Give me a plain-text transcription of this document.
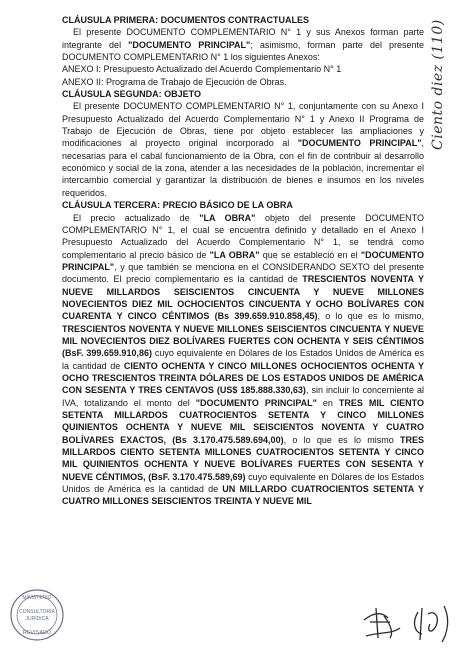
CLÁUSULA PRIMERA: DOCUMENTOS CONTRACTUALES

El presente DOCUMENTO COMPLEMENTARIO N° 1 y sus Anexos forman parte integrante del "DOCUMENTO PRINCIPAL"; asimismo, forman parte del presente DOCUMENTO COMPLEMENTARIO N° 1 los siguientes Anexos:

ANEXO I: Presupuesto Actualizado del Acuerdo Complementario N° 1

ANEXO II: Programa de Trabajo de Ejecución de Obras.

CLÁUSULA SEGUNDA: OBJETO

El presente DOCUMENTO COMPLEMENTARIO N° 1, conjuntamente con su Anexo I Presupuesto Actualizado del Acuerdo Complementario N° 1 y Anexo II Programa de Trabajo de Ejecución de Obras, tiene por objeto establecer las ampliaciones y modificaciones al proyecto original incorporado al "DOCUMENTO PRINCIPAL", necesarias para el cabal funcionamiento de la Obra, con el fin de contribuir al desarrollo económico y social de la zona, atender a las necesidades de la población, incrementar el intercambio comercial y garantizar la distribución de bienes e insumos en los niveles requeridos.

CLÁUSULA TERCERA: PRECIO BÁSICO DE LA OBRA

El precio actualizado de "LA OBRA" objeto del presente DOCUMENTO COMPLEMENTARIO N° 1, el cual se encuentra definido y detallado en el Anexo I Presupuesto Actualizado del Acuerdo Complementario N° 1, se tendrá como complementario al precio básico de "LA OBRA" que se estableció en el "DOCUMENTO PRINCIPAL", y que también se menciona en el CONSIDERANDO SEXTO del presente documento. El precio complementario es la cantidad de TRESCIENTOS NOVENTA Y NUEVE MILLARDOS SEISCIENTOS CINCUENTA Y NUEVE MILLONES NOVECIENTOS DIEZ MIL OCHOCIENTOS CINCUENTA Y OCHO BOLÍVARES CON CUARENTA Y CINCO CÉNTIMOS (Bs 399.659.910.858,45), o lo que es lo mismo, TRESCIENTOS NOVENTA Y NUEVE MILLONES SEISCIENTOS CINCUENTA Y NUEVE MIL NOVECIENTOS DIEZ BOLÍVARES FUERTES CON OCHENTA Y SEIS CÉNTIMOS (BsF. 399.659.910,86) cuyo equivalente en Dólares de los Estados Unidos de América es la cantidad de CIENTO OCHENTA Y CINCO MILLONES OCHOCIENTOS OCHENTA Y OCHO TRESCIENTOS TREINTA DÓLARES DE LOS ESTADOS UNIDOS DE AMÉRICA CON SESENTA Y TRES CENTAVOS (US$ 185.888.330,63), sin incluir lo concerniente al IVA, totalizando el monto del "DOCUMENTO PRINCIPAL" en TRES MIL CIENTO SETENTA MILLARDOS CUATROCIENTOS SETENTA Y CINCO MILLONES QUINIENTOS OCHENTA Y NUEVE MIL SEISCIENTOS NOVENTA Y CUATRO BOLÍVARES EXACTOS, (Bs 3.170.475.589.694,00), o lo que es lo mismo TRES MILLARDOS CIENTO SETENTA MILLONES CUATROCIENTOS SETENTA Y CINCO MIL QUINIENTOS OCHENTA Y NUEVE BOLÍVARES FUERTES CON SESENTA Y NUEVE CÉNTIMOS, (BsF. 3.170.475.589,69) cuyo equivalente en Dólares de los Estados Unidos de América es la cantidad de UN MILLARDO CUATROCIENTOS SETENTA Y CUATRO MILLONES SEISCIENTOS TREINTA Y NUEVE MIL

Ciento diez (110)
MINISTERIO
CONSULTORÍA
JURÍDICA
REVISADO
